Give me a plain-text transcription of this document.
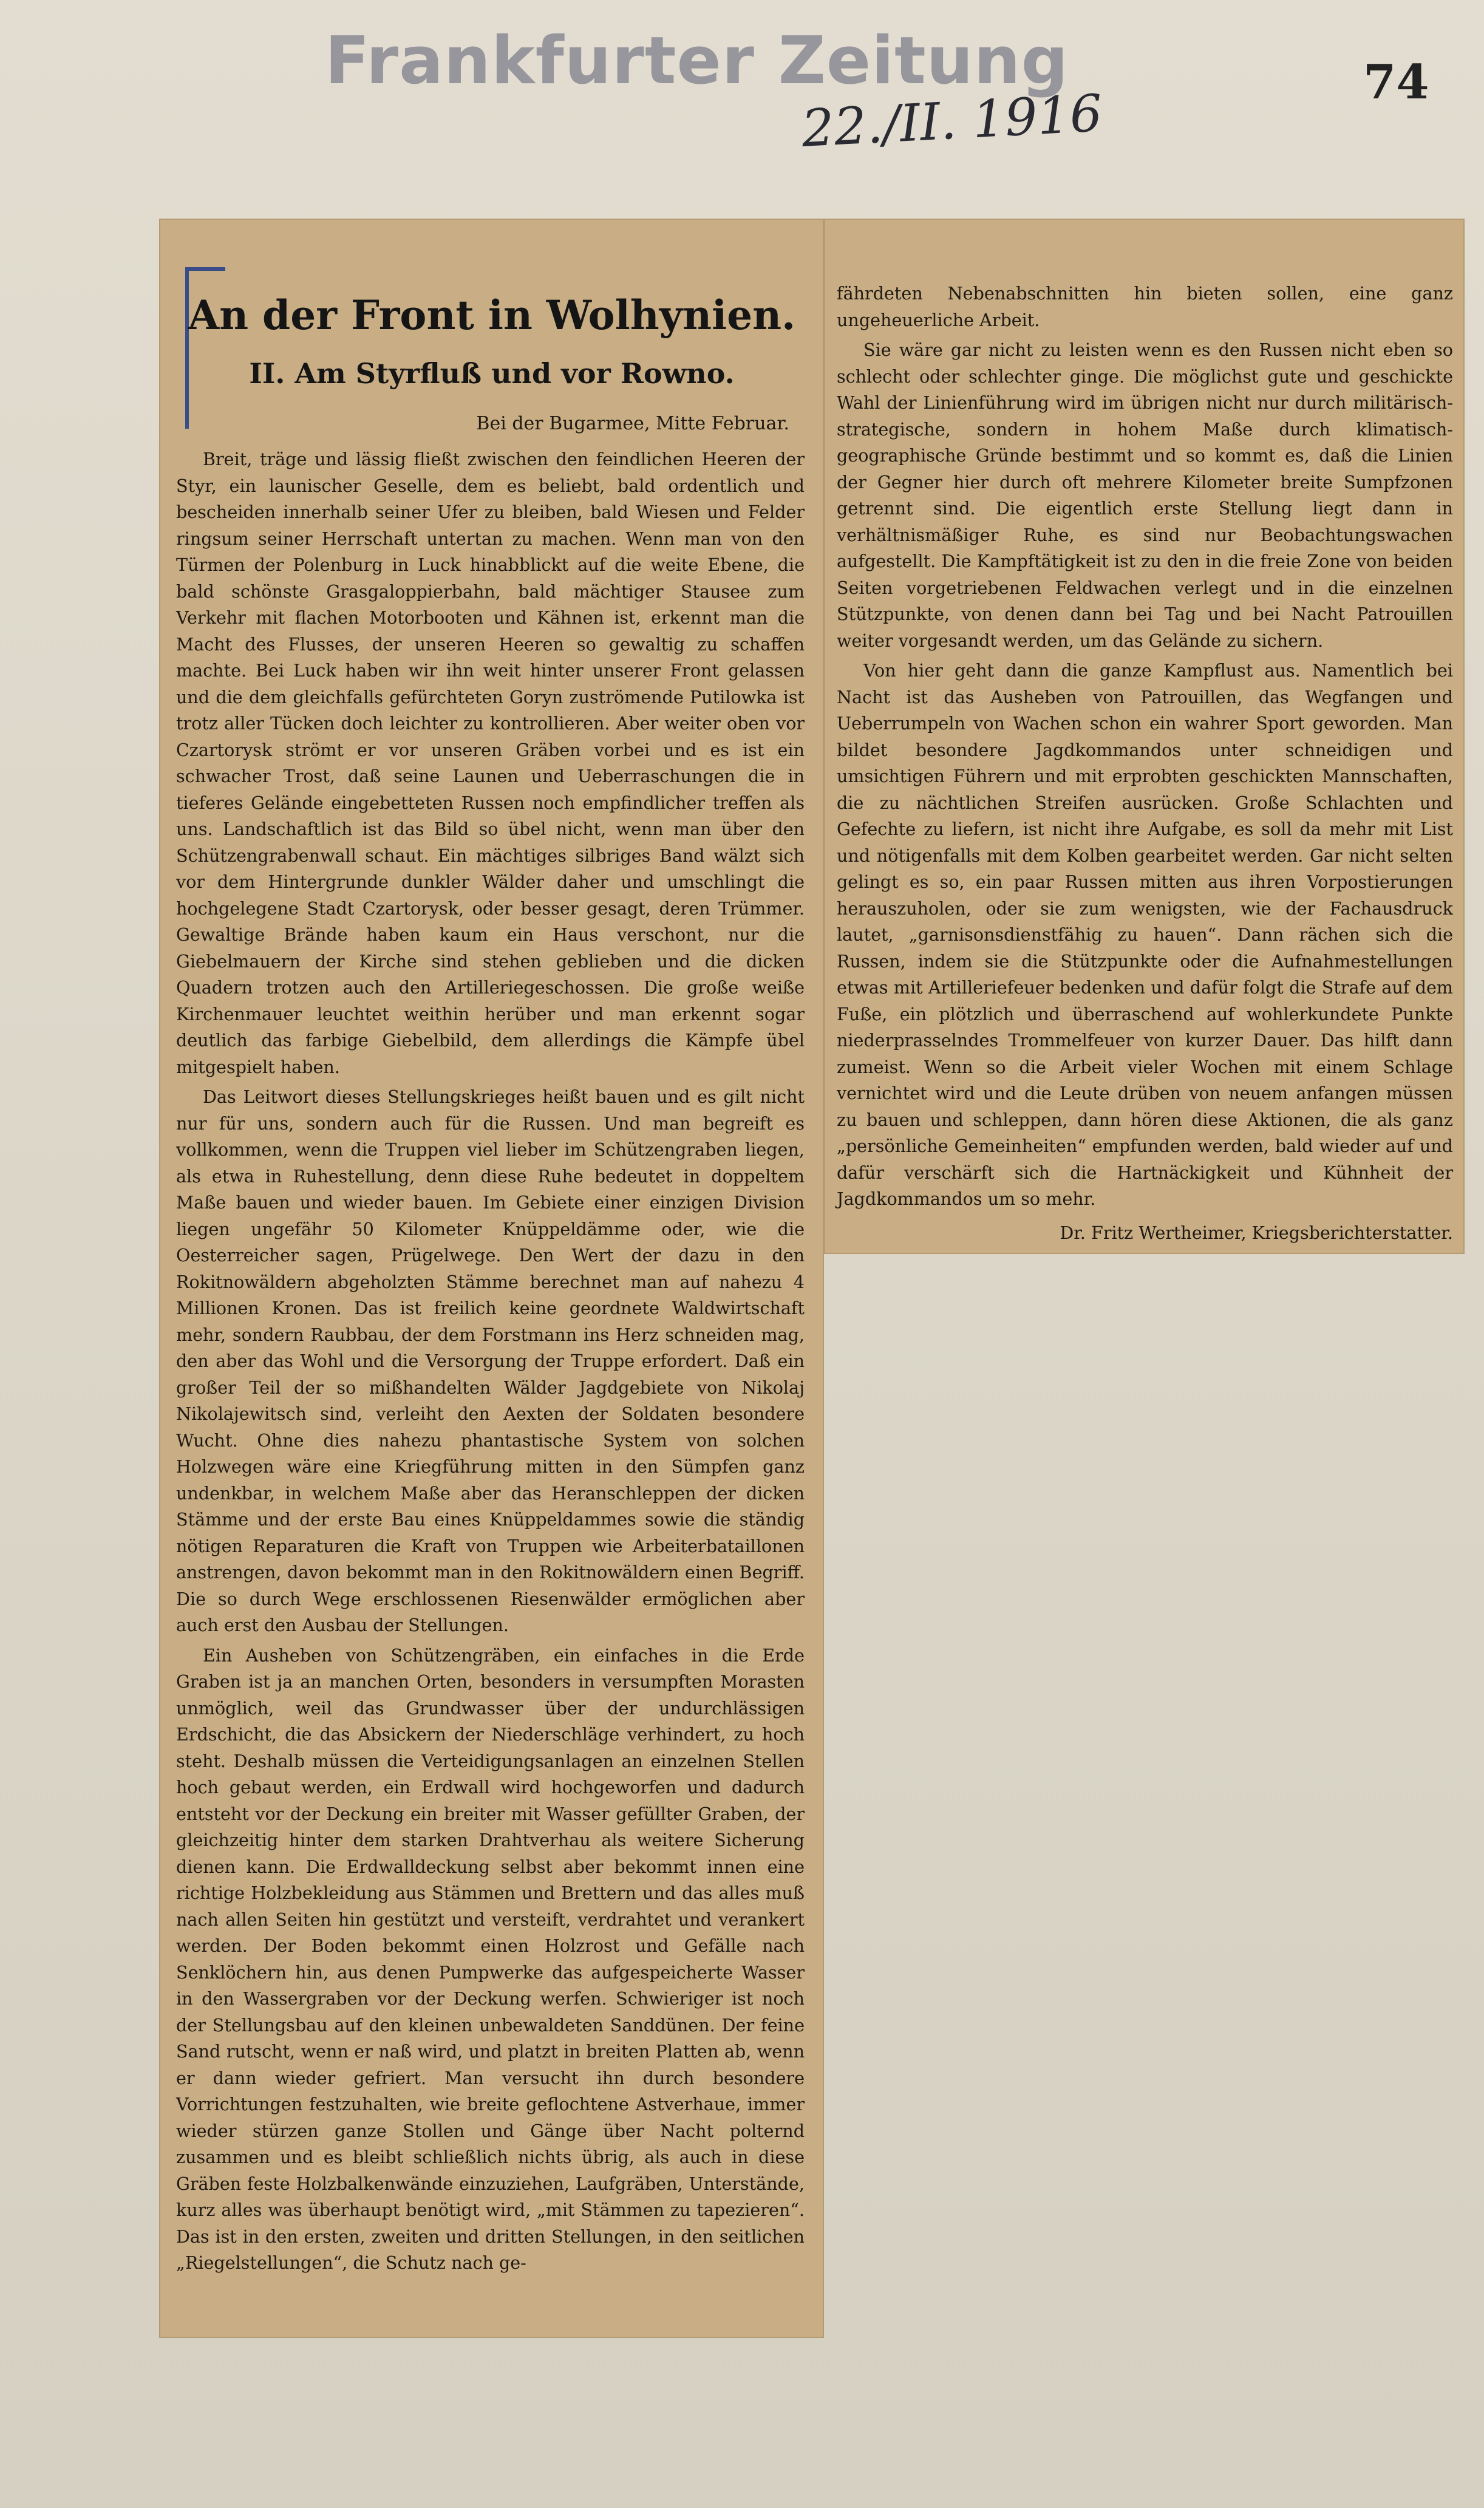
Frankfurter Zeitung
22./II. 1916
74
An der Front in Wolhynien.
II. Am Styrfluß und vor Rowno.
Bei der Bugarmee, Mitte Februar.

Breit, träge und lässig fließt zwischen den feindlichen Heeren der Styr, ein launischer Geselle, dem es beliebt, bald ordentlich und bescheiden innerhalb seiner Ufer zu bleiben, bald Wiesen und Felder ringsum seiner Herrschaft untertan zu machen. Wenn man von den Türmen der Polenburg in Luck hinabblickt auf die weite Ebene, die bald schönste Grasgaloppierbahn, bald mächtiger Stausee zum Verkehr mit flachen Motorbooten und Kähnen ist, erkennt man die Macht des Flusses, der unseren Heeren so gewaltig zu schaffen machte. Bei Luck haben wir ihn weit hinter unserer Front gelassen und die dem gleichfalls gefürchteten Goryn zuströmende Putilowka ist trotz aller Tücken doch leichter zu kontrollieren. Aber weiter oben vor Czartorysk strömt er vor unseren Gräben vorbei und es ist ein schwacher Trost, daß seine Launen und Ueberraschungen die in tieferes Gelände eingebetteten Russen noch empfindlicher treffen als uns. Landschaftlich ist das Bild so übel nicht, wenn man über den Schützengrabenwall schaut. Ein mächtiges silbriges Band wälzt sich vor dem Hintergrunde dunkler Wälder daher und umschlingt die hochgelegene Stadt Czartorysk, oder besser gesagt, deren Trümmer. Gewaltige Brände haben kaum ein Haus verschont, nur die Giebelmauern der Kirche sind stehen geblieben und die dicken Quadern trotzen auch den Artilleriegeschossen. Die große weiße Kirchenmauer leuchtet weithin herüber und man erkennt sogar deutlich das farbige Giebelbild, dem allerdings die Kämpfe übel mitgespielt haben.

Das Leitwort dieses Stellungskrieges heißt bauen und es gilt nicht nur für uns, sondern auch für die Russen. Und man begreift es vollkommen, wenn die Truppen viel lieber im Schützengraben liegen, als etwa in Ruhestellung, denn diese Ruhe bedeutet in doppeltem Maße bauen und wieder bauen. Im Gebiete einer einzigen Division liegen ungefähr 50 Kilometer Knüppeldämme oder, wie die Oesterreicher sagen, Prügelwege. Den Wert der dazu in den Rokitnowäldern abgeholzten Stämme berechnet man auf nahezu 4 Millionen Kronen. Das ist freilich keine geordnete Waldwirtschaft mehr, sondern Raubbau, der dem Forstmann ins Herz schneiden mag, den aber das Wohl und die Versorgung der Truppe erfordert. Daß ein großer Teil der so mißhandelten Wälder Jagdgebiete von Nikolaj Nikolajewitsch sind, verleiht den Aexten der Soldaten besondere Wucht. Ohne dies nahezu phantastische System von solchen Holzwegen wäre eine Kriegführung mitten in den Sümpfen ganz undenkbar, in welchem Maße aber das Heranschleppen der dicken Stämme und der erste Bau eines Knüppeldammes sowie die ständig nötigen Reparaturen die Kraft von Truppen wie Arbeiterbataillonen anstrengen, davon bekommt man in den Rokitnowäldern einen Begriff. Die so durch Wege erschlossenen Riesenwälder ermöglichen aber auch erst den Ausbau der Stellungen.

Ein Ausheben von Schützengräben, ein einfaches in die Erde Graben ist ja an manchen Orten, besonders in versumpften Morasten unmöglich, weil das Grundwasser über der undurchlässigen Erdschicht, die das Absickern der Niederschläge verhindert, zu hoch steht. Deshalb müssen die Verteidigungsanlagen an einzelnen Stellen hoch gebaut werden, ein Erdwall wird hochgeworfen und dadurch entsteht vor der Deckung ein breiter mit Wasser gefüllter Graben, der gleichzeitig hinter dem starken Drahtverhau als weitere Sicherung dienen kann. Die Erdwalldeckung selbst aber bekommt innen eine richtige Holzbekleidung aus Stämmen und Brettern und das alles muß nach allen Seiten hin gestützt und versteift, verdrahtet und verankert werden. Der Boden bekommt einen Holzrost und Gefälle nach Senklöchern hin, aus denen Pumpwerke das aufgespeicherte Wasser in den Wassergraben vor der Deckung werfen. Schwieriger ist noch der Stellungsbau auf den kleinen unbewaldeten Sanddünen. Der feine Sand rutscht, wenn er naß wird, und platzt in breiten Platten ab, wenn er dann wieder gefriert. Man versucht ihn durch besondere Vorrichtungen festzuhalten, wie breite geflochtene Astverhaue, immer wieder stürzen ganze Stollen und Gänge über Nacht polternd zusammen und es bleibt schließlich nichts übrig, als auch in diese Gräben feste Holzbalkenwände einzuziehen, Laufgräben, Unterstände, kurz alles was überhaupt benötigt wird, „mit Stämmen zu tapezieren“. Das ist in den ersten, zweiten und dritten Stellungen, in den seitlichen „Riegelstellungen“, die Schutz nach ge-

fährdeten Nebenabschnitten hin bieten sollen, eine ganz ungeheuerliche Arbeit.

Sie wäre gar nicht zu leisten wenn es den Russen nicht eben so schlecht oder schlechter ginge. Die möglichst gute und geschickte Wahl der Linienführung wird im übrigen nicht nur durch militärisch-strategische, sondern in hohem Maße durch klimatisch-geographische Gründe bestimmt und so kommt es, daß die Linien der Gegner hier durch oft mehrere Kilometer breite Sumpfzonen getrennt sind. Die eigentlich erste Stellung liegt dann in verhältnismäßiger Ruhe, es sind nur Beobachtungswachen aufgestellt. Die Kampftätigkeit ist zu den in die freie Zone von beiden Seiten vorgetriebenen Feldwachen verlegt und in die einzelnen Stützpunkte, von denen dann bei Tag und bei Nacht Patrouillen weiter vorgesandt werden, um das Gelände zu sichern.

Von hier geht dann die ganze Kampflust aus. Namentlich bei Nacht ist das Ausheben von Patrouillen, das Wegfangen und Ueberrumpeln von Wachen schon ein wahrer Sport geworden. Man bildet besondere Jagdkommandos unter schneidigen und umsichtigen Führern und mit erprobten geschickten Mannschaften, die zu nächtlichen Streifen ausrücken. Große Schlachten und Gefechte zu liefern, ist nicht ihre Aufgabe, es soll da mehr mit List und nötigenfalls mit dem Kolben gearbeitet werden. Gar nicht selten gelingt es so, ein paar Russen mitten aus ihren Vorpostierungen herauszuholen, oder sie zum wenigsten, wie der Fachausdruck lautet, „garnisonsdienstfähig zu hauen“. Dann rächen sich die Russen, indem sie die Stützpunkte oder die Aufnahmestellungen etwas mit Artilleriefeuer bedenken und dafür folgt die Strafe auf dem Fuße, ein plötzlich und überraschend auf wohlerkundete Punkte niederprasselndes Trommelfeuer von kurzer Dauer. Das hilft dann zumeist. Wenn so die Arbeit vieler Wochen mit einem Schlage vernichtet wird und die Leute drüben von neuem anfangen müssen zu bauen und schleppen, dann hören diese Aktionen, die als ganz „persönliche Gemeinheiten“ empfunden werden, bald wieder auf und dafür verschärft sich die Hartnäckigkeit und Kühnheit der Jagdkommandos um so mehr.

Dr. Fritz Wertheimer, Kriegsberichterstatter.
